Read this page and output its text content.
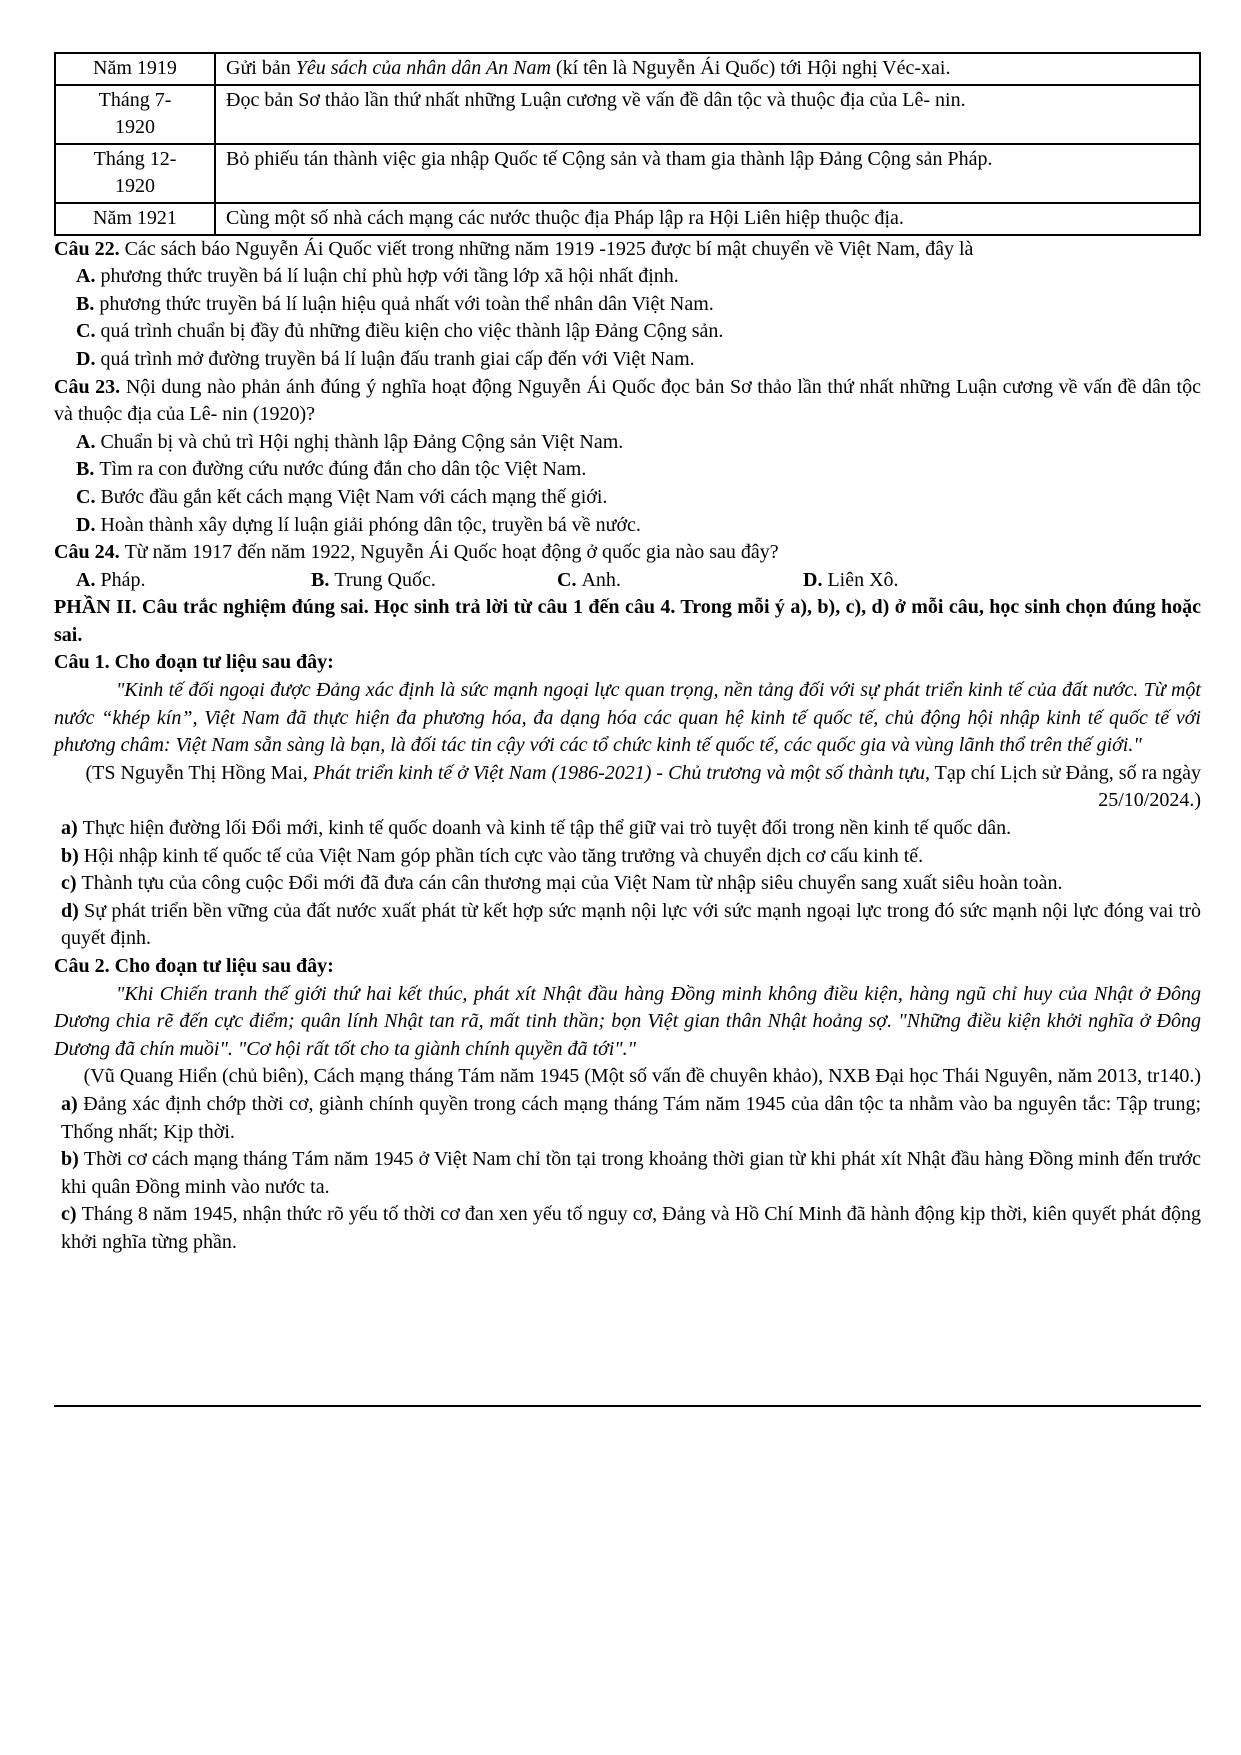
Năm 1919	Gửi bản Yêu sách của nhân dân An Nam (kí tên là Nguyễn Ái Quốc) tới Hội nghị Véc-xai.
Tháng 7-
1920	Đọc bản Sơ thảo lần thứ nhất những Luận cương về vấn đề dân tộc và thuộc địa của Lê- nin.
Tháng 12-
1920	Bỏ phiếu tán thành việc gia nhập Quốc tế Cộng sản và tham gia thành lập Đảng Cộng sản Pháp.
Năm 1921	Cùng một số nhà cách mạng các nước thuộc địa Pháp lập ra Hội Liên hiệp thuộc địa.
Câu 22. Các sách báo Nguyễn Ái Quốc viết trong những năm 1919 -1925 được bí mật chuyển về Việt Nam, đây là
A. phương thức truyền bá lí luận chỉ phù hợp với tầng lớp xã hội nhất định.
B. phương thức truyền bá lí luận hiệu quả nhất với toàn thể nhân dân Việt Nam.
C. quá trình chuẩn bị đầy đủ những điều kiện cho việc thành lập Đảng Cộng sản.
D. quá trình mở đường truyền bá lí luận đấu tranh giai cấp đến với Việt Nam.
Câu 23. Nội dung nào phản ánh đúng ý nghĩa hoạt động Nguyễn Ái Quốc đọc bản Sơ thảo lần thứ nhất những Luận cương về vấn đề dân tộc và thuộc địa của Lê- nin (1920)?
A. Chuẩn bị và chủ trì Hội nghị thành lập Đảng Cộng sản Việt Nam.
B. Tìm ra con đường cứu nước đúng đắn cho dân tộc Việt Nam.
C. Bước đầu gắn kết cách mạng Việt Nam với cách mạng thế giới.
D. Hoàn thành xây dựng lí luận giải phóng dân tộc, truyền bá về nước.
Câu 24. Từ năm 1917 đến năm 1922, Nguyễn Ái Quốc hoạt động ở quốc gia nào sau đây?
A. Pháp.	B. Trung Quốc.	C. Anh.	D. Liên Xô.
PHẦN II. Câu trắc nghiệm đúng sai. Học sinh trả lời từ câu 1 đến câu 4. Trong mỗi ý a), b), c), d) ở mỗi câu, học sinh chọn đúng hoặc sai.
Câu 1. Cho đoạn tư liệu sau đây:
"Kinh tế đối ngoại được Đảng xác định là sức mạnh ngoại lực quan trọng, nền tảng đối với sự phát triển kinh tế của đất nước. Từ một nước “khép kín”, Việt Nam đã thực hiện đa phương hóa, đa dạng hóa các quan hệ kinh tế quốc tế, chủ động hội nhập kinh tế quốc tế với phương châm: Việt Nam sẵn sàng là bạn, là đối tác tin cậy với các tổ chức kinh tế quốc tế, các quốc gia và vùng lãnh thổ trên thế giới."
(TS Nguyễn Thị Hồng Mai, Phát triển kinh tế ở Việt Nam (1986-2021) - Chủ trương và một số thành tựu, Tạp chí Lịch sử Đảng, số ra ngày 25/10/2024.)
a) Thực hiện đường lối Đổi mới, kinh tế quốc doanh và kinh tế tập thể giữ vai trò tuyệt đối trong nền kinh tế quốc dân.
b) Hội nhập kinh tế quốc tế của Việt Nam góp phần tích cực vào tăng trưởng và chuyển dịch cơ cấu kinh tế.
c) Thành tựu của công cuộc Đổi mới đã đưa cán cân thương mại của Việt Nam từ nhập siêu chuyển sang xuất siêu hoàn toàn.
d) Sự phát triển bền vững của đất nước xuất phát từ kết hợp sức mạnh nội lực với sức mạnh ngoại lực trong đó sức mạnh nội lực đóng vai trò quyết định.
Câu 2. Cho đoạn tư liệu sau đây:
"Khi Chiến tranh thế giới thứ hai kết thúc, phát xít Nhật đầu hàng Đồng minh không điều kiện, hàng ngũ chỉ huy của Nhật ở Đông Dương chia rẽ đến cực điểm; quân lính Nhật tan rã, mất tinh thần; bọn Việt gian thân Nhật hoảng sợ. "Những điều kiện khởi nghĩa ở Đông Dương đã chín muồi". "Cơ hội rất tốt cho ta giành chính quyền đã tới"."
(Vũ Quang Hiển (chủ biên), Cách mạng tháng Tám năm 1945 (Một số vấn đề chuyên khảo), NXB Đại học Thái Nguyên, năm 2013, tr140.)
a) Đảng xác định chớp thời cơ, giành chính quyền trong cách mạng tháng Tám năm 1945 của dân tộc ta nhằm vào ba nguyên tắc: Tập trung; Thống nhất; Kịp thời.
b) Thời cơ cách mạng tháng Tám năm 1945 ở Việt Nam chỉ tồn tại trong khoảng thời gian từ khi phát xít Nhật đầu hàng Đồng minh đến trước khi quân Đồng minh vào nước ta.
c) Tháng 8 năm 1945, nhận thức rõ yếu tố thời cơ đan xen yếu tố nguy cơ, Đảng và Hồ Chí Minh đã hành động kịp thời, kiên quyết phát động khởi nghĩa từng phần.
